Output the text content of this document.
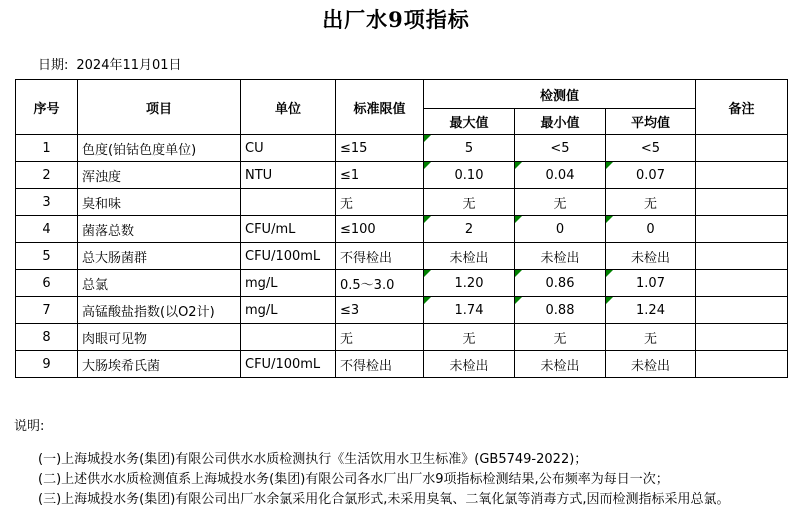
出厂水9项指标
日期: 2024年11月01日
序号	项目	单位	标准限值	检测值			备注
				最大值	最小值	平均值	
1	色度(铂钴色度单位)	CU	≤15	5	<5	<5	
2	浑浊度	NTU	≤1	0.10	0.04	0.07	
3	臭和味		无	无	无	无	
4	菌落总数	CFU/mL	≤100	2	0	0	
5	总大肠菌群	CFU/100mL	不得检出	未检出	未检出	未检出	
6	总氯	mg/L	0.5～3.0	1.20	0.86	1.07	
7	高锰酸盐指数(以O2计)	mg/L	≤3	1.74	0.88	1.24	
8	肉眼可见物		无	无	无	无	
9	大肠埃希氏菌	CFU/100mL	不得检出	未检出	未检出	未检出	
说明:
(一)上海城投水务(集团)有限公司供水水质检测执行《生活饮用水卫生标准》(GB5749-2022)；
(二)上述供水水质检测值系上海城投水务(集团)有限公司各水厂出厂水9项指标检测结果,公布频率为每日一次；
(三)上海城投水务(集团)有限公司出厂水余氯采用化合氯形式,未采用臭氧、二氧化氯等消毒方式,因而检测指标采用总氯。
